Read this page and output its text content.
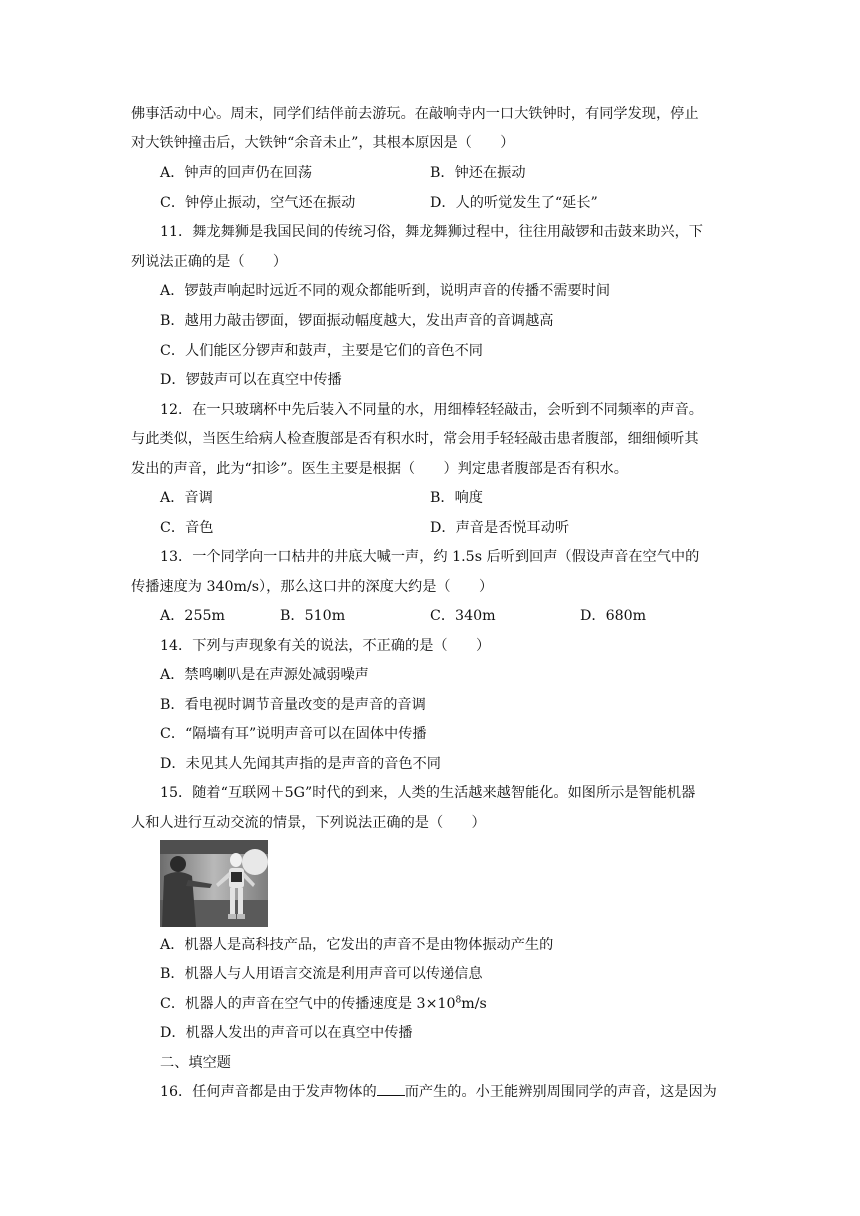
佛事活动中心。周末，同学们结伴前去游玩。在敲响寺内一口大铁钟时，有同学发现，停止
对大铁钟撞击后，大铁钟“余音未止”，其根本原因是（　　）
A．钟声的回声仍在回荡	B．钟还在振动
C．钟停止振动，空气还在振动	D．人的听觉发生了“延长”
11．舞龙舞狮是我国民间的传统习俗，舞龙舞狮过程中，往往用敲锣和击鼓来助兴，下
列说法正确的是（　　）
A．锣鼓声响起时远近不同的观众都能听到，说明声音的传播不需要时间
B．越用力敲击锣面，锣面振动幅度越大，发出声音的音调越高
C．人们能区分锣声和鼓声，主要是它们的音色不同
D．锣鼓声可以在真空中传播
12．在一只玻璃杯中先后装入不同量的水，用细棒轻轻敲击，会听到不同频率的声音。
与此类似，当医生给病人检查腹部是否有积水时，常会用手轻轻敲击患者腹部，细细倾听其
发出的声音，此为“扣诊”。医生主要是根据（　　）判定患者腹部是否有积水。
A．音调	B．响度
C．音色	D．声音是否悦耳动听
13．一个同学向一口枯井的井底大喊一声，约 1.5s 后听到回声（假设声音在空气中的
传播速度为 340m/s），那么这口井的深度大约是（　　）
A．255m	B．510m	C．340m	D．680m
14．下列与声现象有关的说法，不正确的是（　　）
A．禁鸣喇叭是在声源处减弱噪声
B．看电视时调节音量改变的是声音的音调
C．“隔墙有耳”说明声音可以在固体中传播
D．未见其人先闻其声指的是声音的音色不同
15．随着“互联网＋5G”时代的到来，人类的生活越来越智能化。如图所示是智能机器
人和人进行互动交流的情景，下列说法正确的是（　　）
A．机器人是高科技产品，它发出的声音不是由物体振动产生的
B．机器人与人用语言交流是利用声音可以传递信息
C．机器人的声音在空气中的传播速度是 $3\times 10^8m/s$
D．机器人发出的声音可以在真空中传播
二、填空题
16．任何声音都是由于发声物体的 而产生的。小王能辨别周围同学的声音，这是因为
